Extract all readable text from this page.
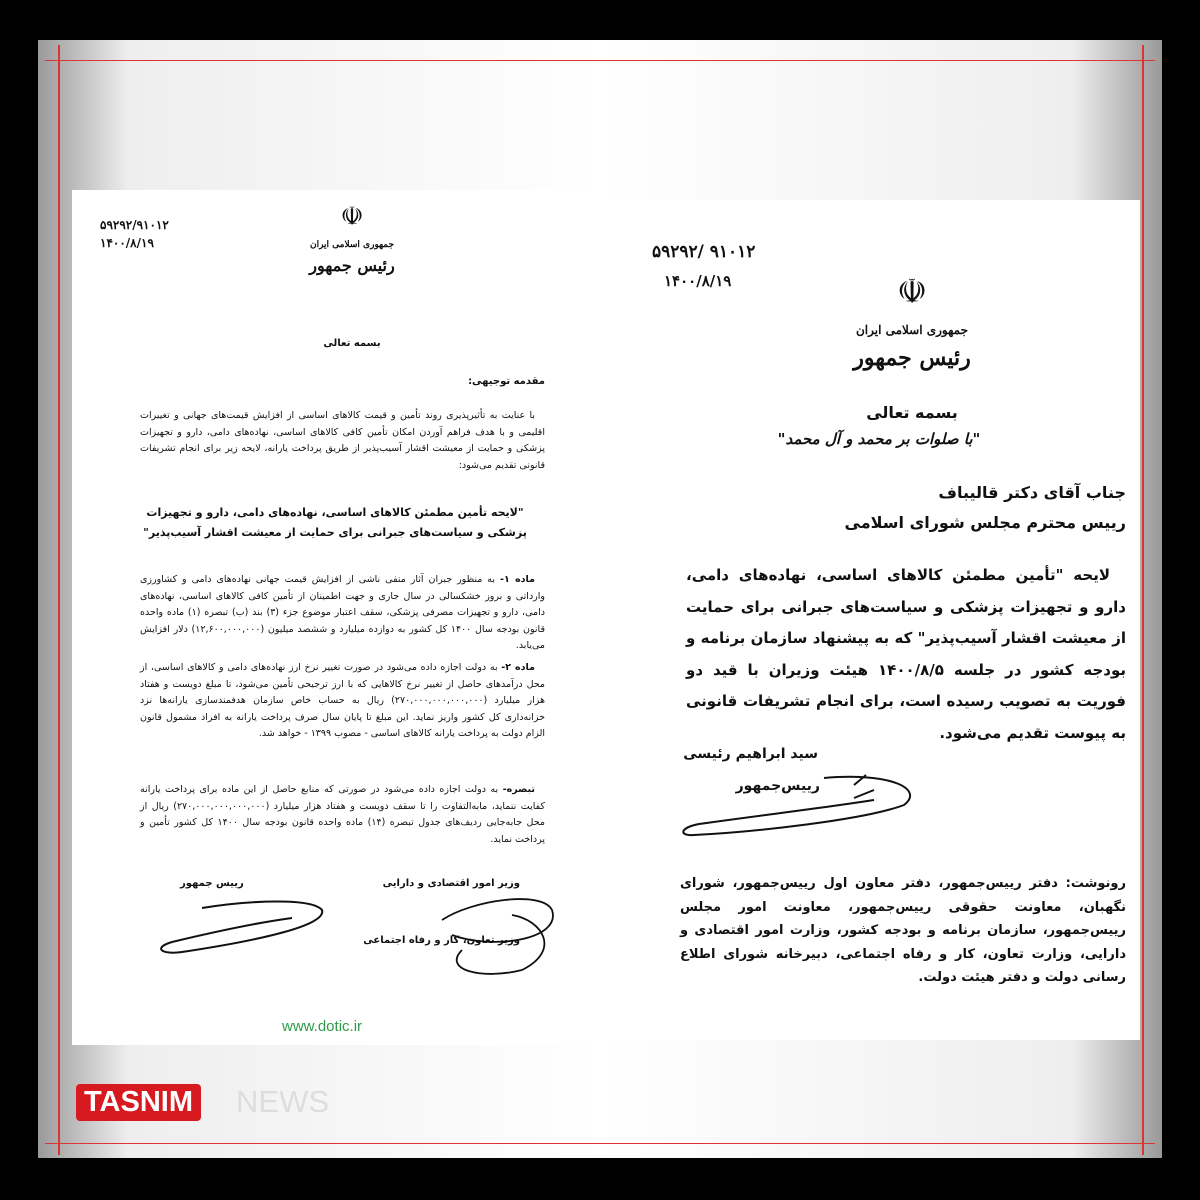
۵۹۲۹۲/۹۱۰۱۲
۱۴۰۰/۸/۱۹
☫
جمهوری اسلامی ایران
رئیس جمهور
بسمه تعالی
مقدمه توجیهی:
با عنایت به تأثیرپذیری روند تأمین و قیمت کالاهای اساسی از افزایش قیمت‌های جهانی و تغییرات اقلیمی و با هدف فراهم آوردن امکان تأمین کافی کالاهای اساسی، نهاده‌های دامی، دارو و تجهیزات پزشکی و حمایت از معیشت اقشار آسیب‌پذیر از طریق پرداخت یارانه، لایحه زیر برای انجام تشریفات قانونی تقدیم می‌شود:
"لایحه تأمین مطمئن کالاهای اساسی، نهاده‌های دامی، دارو و تجهیزات پزشکی و سیاست‌های جبرانی برای حمایت از معیشت اقشار آسیب‌پذیر"
ماده ۱- به منظور جبران آثار منفی ناشی از افزایش قیمت جهانی نهاده‌های دامی و کشاورزی وارداتی و بروز خشکسالی در سال جاری و جهت اطمینان از تأمین کافی کالاهای اساسی، نهاده‌های دامی، دارو و تجهیزات مصرفی پزشکی، سقف اعتبار موضوع جزء (۳) بند (ب) تبصره (۱) ماده واحده قانون بودجه سال ۱۴۰۰ کل کشور به دوازده میلیارد و ششصد میلیون (۱۲,۶۰۰,۰۰۰,۰۰۰) دلار افزایش می‌یابد.
ماده ۲- به دولت اجازه داده می‌شود در صورت تغییر نرخ ارز نهاده‌های دامی و کالاهای اساسی، از محل درآمدهای حاصل از تغییر نرخ کالاهایی که با ارز ترجیحی تأمین می‌شود، تا مبلغ دویست و هفتاد هزار میلیارد (۲۷۰,۰۰۰,۰۰۰,۰۰۰,۰۰۰) ریال به حساب خاص سازمان هدفمندسازی یارانه‌ها نزد خزانه‌داری کل کشور واریز نماید. این مبلغ تا پایان سال صرف پرداخت یارانه به افراد مشمول قانون الزام دولت به پرداخت یارانه کالاهای اساسی - مصوب ۱۳۹۹ - خواهد شد.
تبصره- به دولت اجازه داده می‌شود در صورتی که منابع حاصل از این ماده برای پرداخت یارانه کفایت ننماید، مابه‌التفاوت را تا سقف دویست و هفتاد هزار میلیارد (۲۷۰,۰۰۰,۰۰۰,۰۰۰,۰۰۰) ریال از محل جابه‌جایی ردیف‌های جدول تبصره (۱۴) ماده واحده قانون بودجه سال ۱۴۰۰ کل کشور تأمین و پرداخت نماید.
وزیر امور اقتصادی و دارایی
وزیر تعاون، کار و رفاه اجتماعی
رییس جمهور
www.dotic.ir
۵۹۲۹۲/ ۹۱۰۱۲
۱۴۰۰/۸/۱۹	☫
جمهوری اسلامی ایران
رئیس جمهور
بسمه تعالی
"با صلوات بر محمد و آل محمد"
جناب آقای دکتر قالیباف
رییس محترم مجلس شورای اسلامی
لایحه "تأمین مطمئن کالاهای اساسی، نهاده‌های دامی، دارو و تجهیزات پزشکی و سیاست‌های جبرانی برای حمایت از معیشت اقشار آسیب‌پذیر" که به پیشنهاد سازمان برنامه و بودجه کشور در جلسه ۱۴۰۰/۸/۵ هیئت وزیران با قید دو فوریت به تصویب رسیده است، برای انجام تشریفات قانونی به پیوست تقدیم می‌شود.
سید ابراهیم رئیسی
رییس‌جمهور
رونوشت: دفتر رییس‌جمهور، دفتر معاون اول رییس‌جمهور، شورای نگهبان، معاونت حقوقی رییس‌جمهور، معاونت امور مجلس رییس‌جمهور، سازمان برنامه و بودجه کشور، وزارت امور اقتصادی و دارایی، وزارت تعاون، کار و رفاه اجتماعی، دبیرخانه شورای اطلاع رسانی دولت و دفتر هیئت دولت.
TASNIM NEWS
